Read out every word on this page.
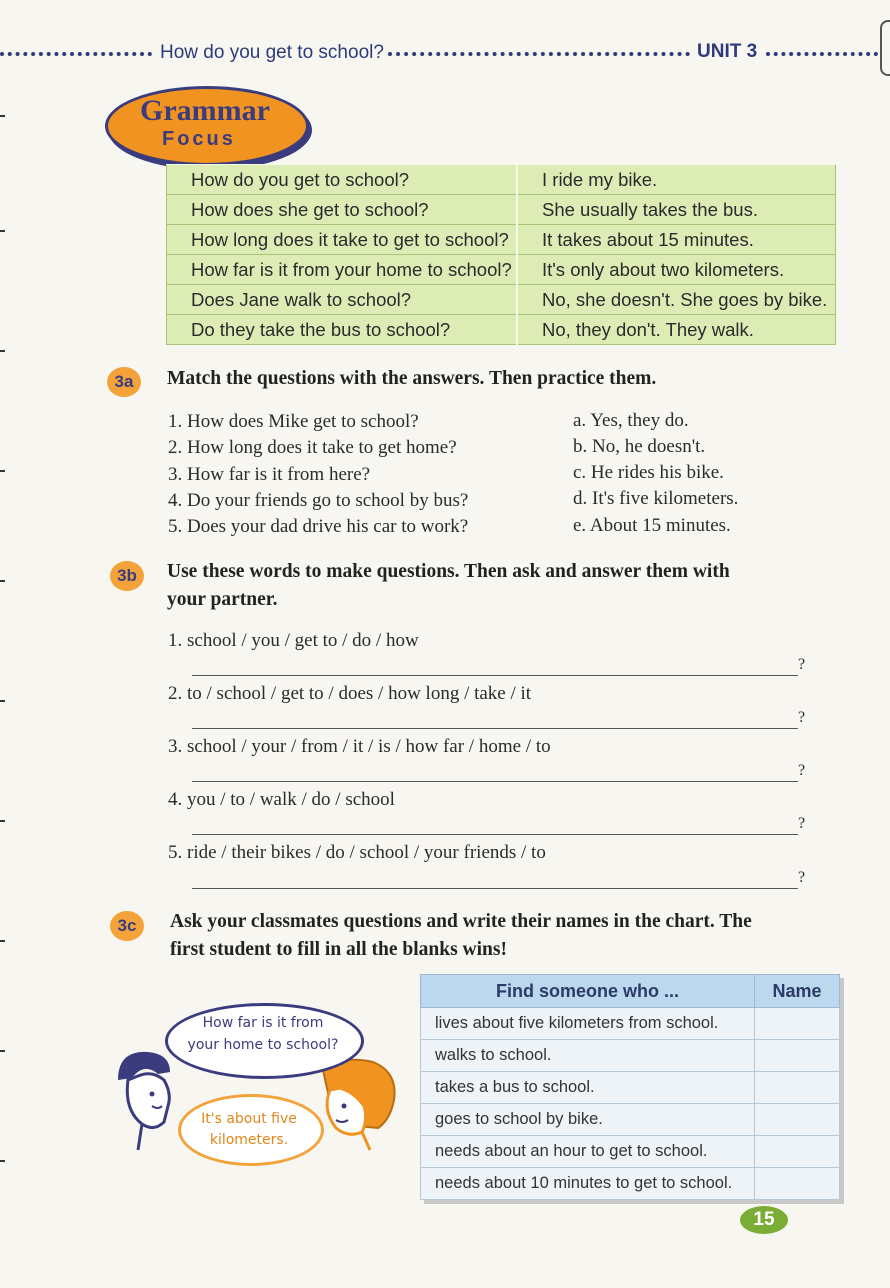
How do you get to school?	UNIT 3
Grammar
Focus
How do you get to school?	I ride my bike.
How does she get to school?	She usually takes the bus.
How long does it take to get to school?	It takes about 15 minutes.
How far is it from your home to school?	It's only about two kilometers.
Does Jane walk to school?	No, she doesn't. She goes by bike.
Do they take the bus to school?	No, they don't. They walk.
3a	Match the questions with the answers. Then practice them.
1. How does Mike get to school?
2. How long does it take to get home?
3. How far is it from here?
4. Do your friends go to school by bus?
5. Does your dad drive his car to work?
a. Yes, they do.
b. No, he doesn't.
c. He rides his bike.
d. It's five kilometers.
e. About 15 minutes.
3b	Use these words to make questions. Then ask and answer them with
your partner.
1. school / you / get to / do / how
?
2. to / school / get to / does / how long / take / it
?
3. school / your / from / it / is / how far / home / to
?
4. you / to / walk / do / school
?
5. ride / their bikes / do / school / your friends / to
?
3c	Ask your classmates questions and write their names in the chart. The
first student to fill in all the blanks wins!
How far is it from
your home to school?
It's about five
kilometers.
Find someone who ...	Name
lives about five kilometers from school.	
walks to school.	
takes a bus to school.	
goes to school by bike.	
needs about an hour to get to school.	
needs about 10 minutes to get to school.	
15
